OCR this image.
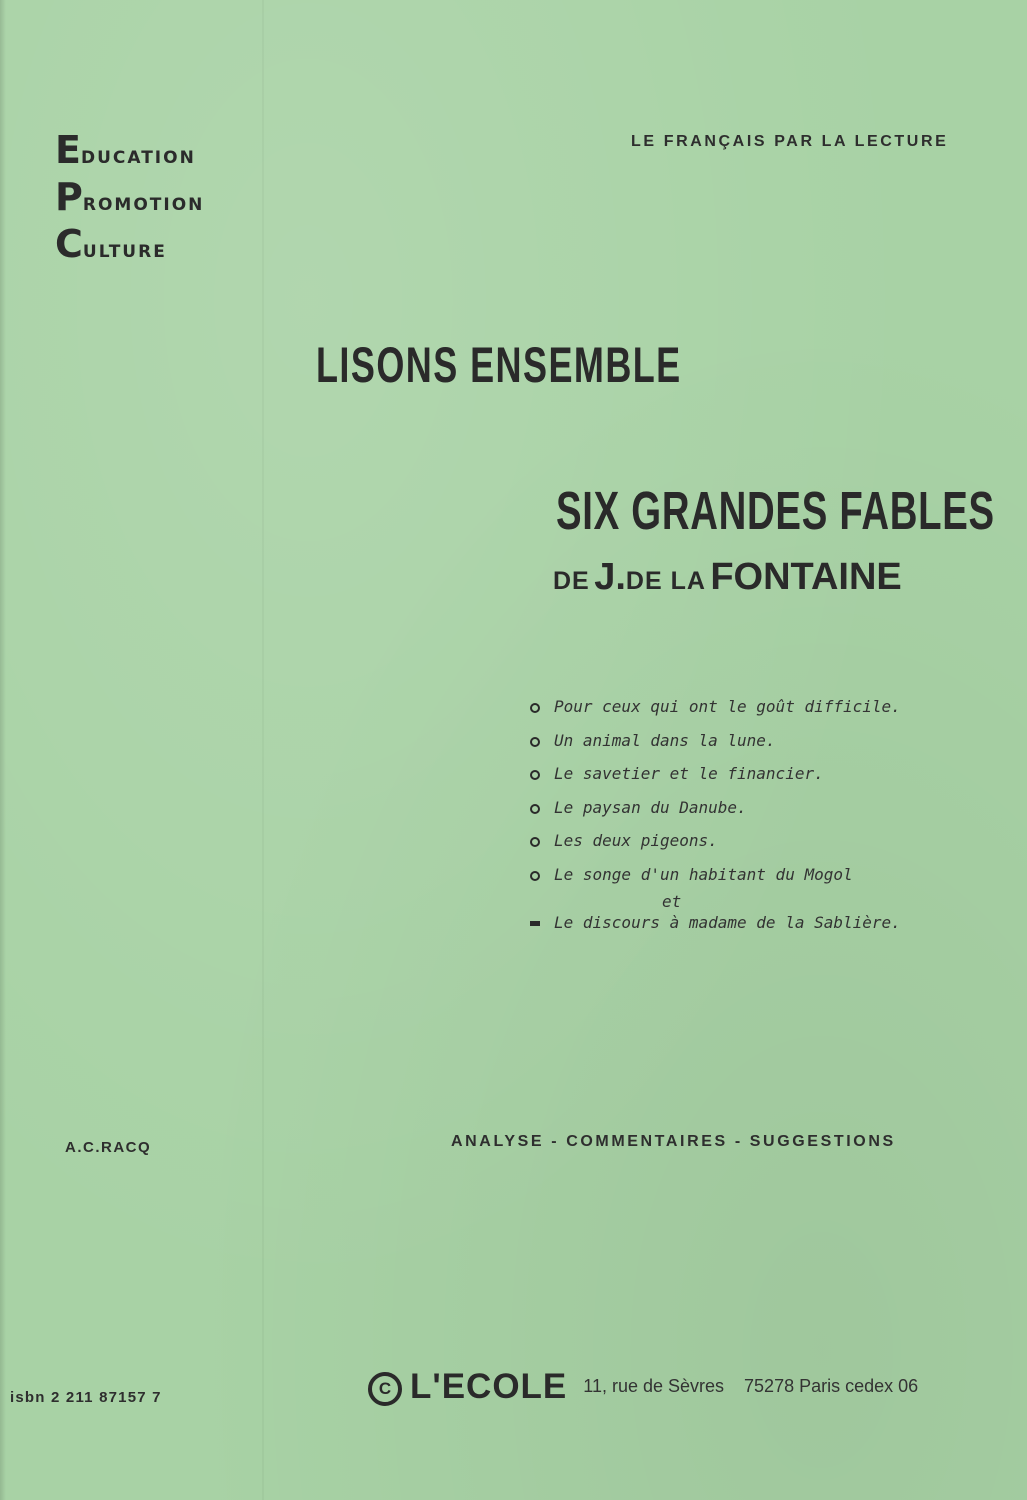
EDUCATION
PROMOTION
CULTURE
LE FRANÇAIS PAR LA LECTURE
LISONS ENSEMBLE
SIX GRANDES FABLES
DE J.DE LA FONTAINE
Pour ceux qui ont le goût difficile.
Un animal dans la lune.
Le savetier et le financier.
Le paysan du Danube.
Les deux pigeons.
Le songe d'un habitant du Mogol
et
Le discours à madame de la Sablière.
A.C.RACQ	ANALYSE - COMMENTAIRES - SUGGESTIONS
isbn 2 211 87157 7	C L'ECOLE 11, rue de Sèvres    75278 Paris cedex 06
